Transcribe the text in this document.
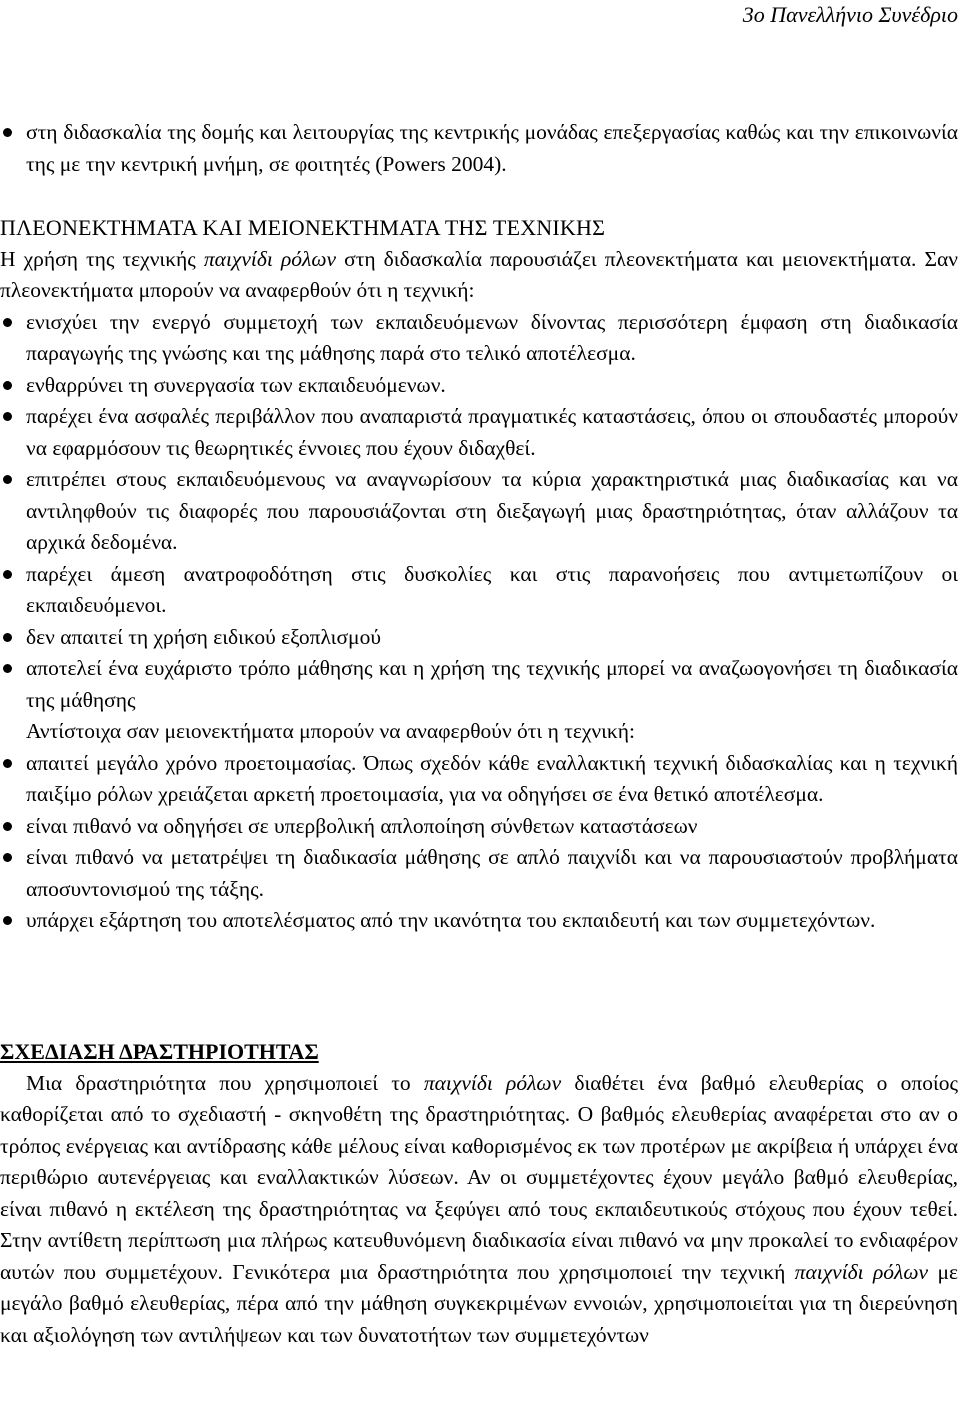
3ο Πανελλήνιο Συνέδριο
στη διδασκαλία της δομής και λειτουργίας της κεντρικής μονάδας επεξεργασίας καθώς και την επικοινωνία της με την κεντρική μνήμη, σε φοιτητές (Powers 2004).

ΠΛΕΟΝΕΚΤΗΜΑΤΑ ΚΑΙ ΜΕΙΟΝΕΚΤΗΜΑΤΑ ΤΗΣ ΤΕΧΝΙΚΗΣ

Η χρήση της τεχνικής παιχνίδι ρόλων στη διδασκαλία παρουσιάζει πλεονεκτήματα και μειονεκτήματα. Σαν πλεονεκτήματα μπορούν να αναφερθούν ότι η τεχνική:

ενισχύει την ενεργό συμμετοχή των εκπαιδευόμενων δίνοντας περισσότερη έμφαση στη διαδικασία παραγωγής της γνώσης και της μάθησης παρά στο τελικό αποτέλεσμα.
ενθαρρύνει τη συνεργασία των εκπαιδευόμενων.
παρέχει ένα ασφαλές περιβάλλον που αναπαριστά πραγματικές καταστάσεις, όπου οι σπουδαστές μπορούν να εφαρμόσουν τις θεωρητικές έννοιες που έχουν διδαχθεί.
επιτρέπει στους εκπαιδευόμενους να αναγνωρίσουν τα κύρια χαρακτηριστικά μιας διαδικασίας και να αντιληφθούν τις διαφορές που παρουσιάζονται στη διεξαγωγή μιας δραστηριότητας, όταν αλλάζουν τα αρχικά δεδομένα.
παρέχει άμεση ανατροφοδότηση στις δυσκολίες και στις παρανοήσεις που αντιμετωπίζουν οι εκπαιδευόμενοι.
δεν απαιτεί τη χρήση ειδικού εξοπλισμού
αποτελεί ένα ευχάριστο τρόπο μάθησης και η χρήση της τεχνικής μπορεί να αναζωογονήσει τη διαδικασία της μάθησης

Αντίστοιχα σαν μειονεκτήματα μπορούν να αναφερθούν ότι η τεχνική:

απαιτεί μεγάλο χρόνο προετοιμασίας. Όπως σχεδόν κάθε εναλλακτική τεχνική διδασκαλίας και η τεχνική παιξίμο ρόλων χρειάζεται αρκετή προετοιμασία, για να οδηγήσει σε ένα θετικό αποτέλεσμα.
είναι πιθανό να οδηγήσει σε υπερβολική απλοποίηση σύνθετων καταστάσεων
είναι πιθανό να μετατρέψει τη διαδικασία μάθησης σε απλό παιχνίδι και να παρουσιαστούν προβλήματα αποσυντονισμού της τάξης.
υπάρχει εξάρτηση του αποτελέσματος από την ικανότητα του εκπαιδευτή και των συμμετεχόντων.

ΣΧΕΔΙΑΣΗ ΔΡΑΣΤΗΡΙΟΤΗΤΑΣ

Μια δραστηριότητα που χρησιμοποιεί το παιχνίδι ρόλων διαθέτει ένα βαθμό ελευθερίας ο οποίος καθορίζεται από το σχεδιαστή - σκηνοθέτη της δραστηριότητας. Ο βαθμός ελευθερίας αναφέρεται στο αν ο τρόπος ενέργειας και αντίδρασης κάθε μέλους είναι καθορισμένος εκ των προτέρων με ακρίβεια ή υπάρχει ένα περιθώριο αυτενέργειας και εναλλακτικών λύσεων. Αν οι συμμετέχοντες έχουν μεγάλο βαθμό ελευθερίας, είναι πιθανό η εκτέλεση της δραστηριότητας να ξεφύγει από τους εκπαιδευτικούς στόχους που έχουν τεθεί. Στην αντίθετη περίπτωση μια πλήρως κατευθυνόμενη διαδικασία είναι πιθανό να μην προκαλεί το ενδιαφέρον αυτών που συμμετέχουν. Γενικότερα μια δραστηριότητα που χρησιμοποιεί την τεχνική παιχνίδι ρόλων με μεγάλο βαθμό ελευθερίας, πέρα από την μάθηση συγκεκριμένων εννοιών, χρησιμοποιείται για τη διερεύνηση και αξιολόγηση των αντιλήψεων και των δυνατοτήτων των συμμετεχόντων
